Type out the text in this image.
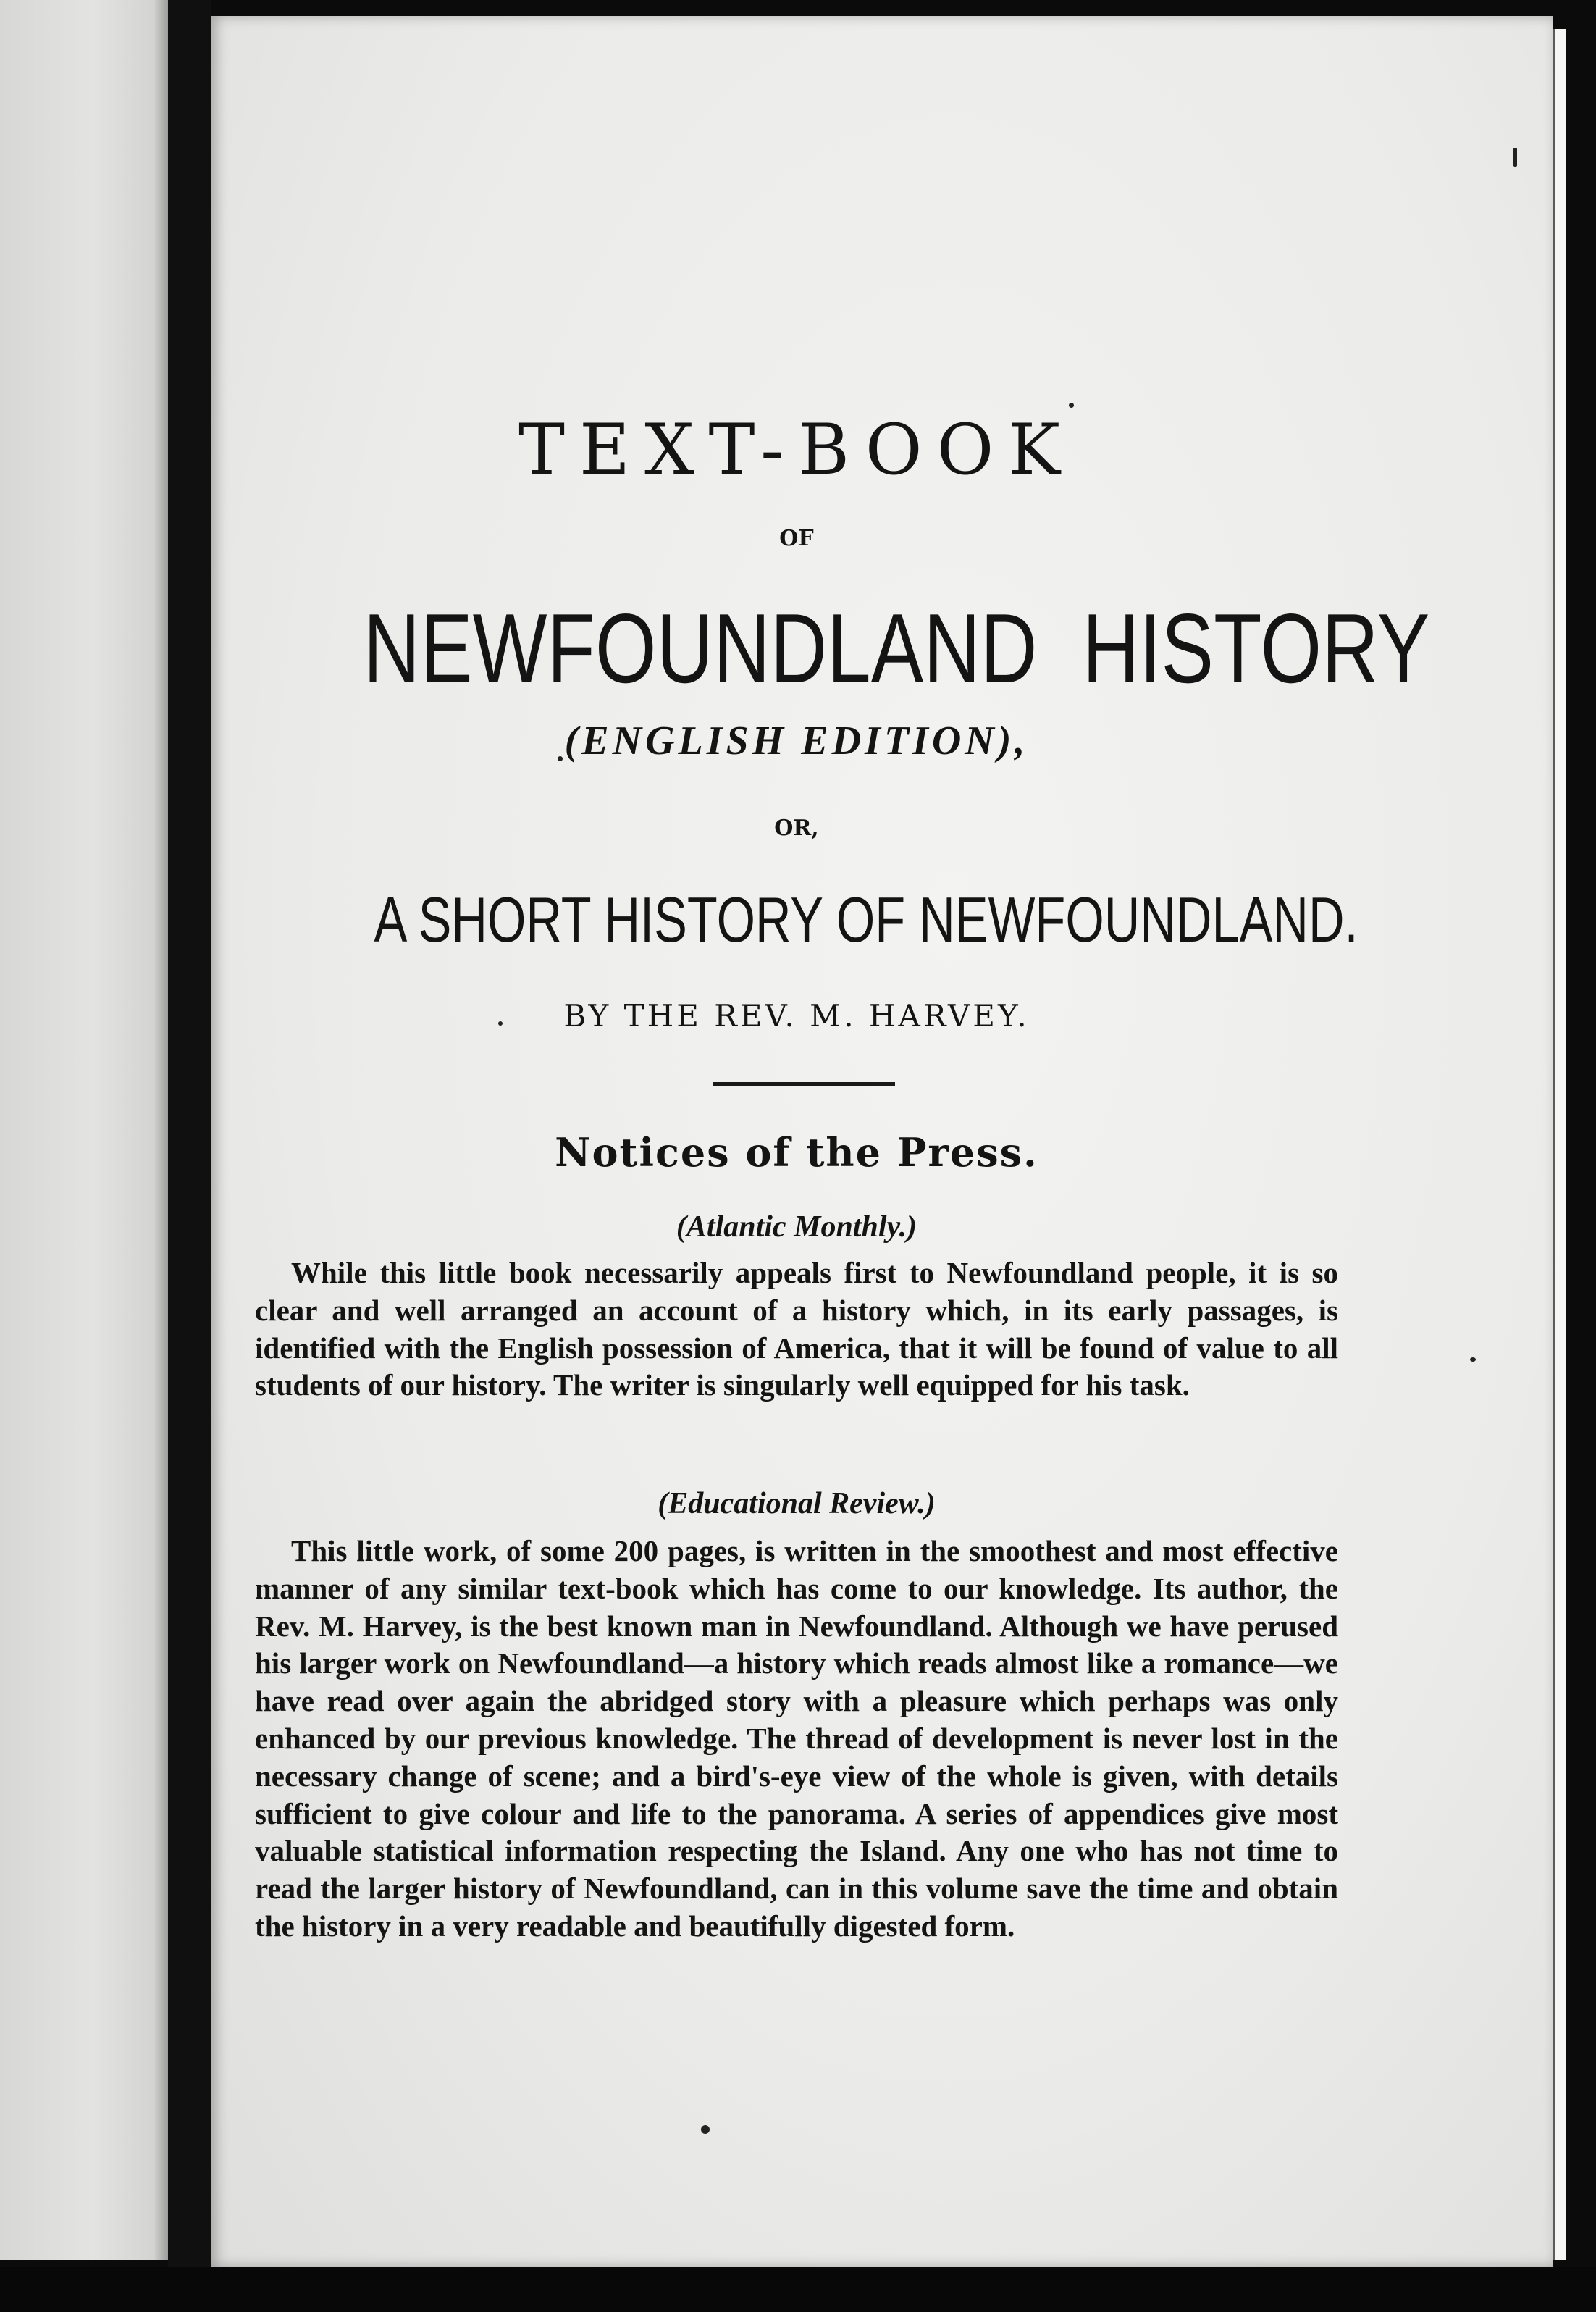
TEXT-BOOK
OF
NEWFOUNDLAND HISTORY
(ENGLISH EDITION),
OR,
A SHORT HISTORY OF NEWFOUNDLAND.
BY THE REV. M. HARVEY.
Notices of the Press.
(Atlantic Monthly.)

While this little book necessarily appeals first to Newfoundland people, it is so clear and well arranged an account of a history which, in its early passages, is identified with the English possession of America, that it will be found of value to all students of our history. The writer is singularly well equipped for his task.

(Educational Review.)

This little work, of some 200 pages, is written in the smoothest and most effective manner of any similar text-book which has come to our knowledge. Its author, the Rev. M. Harvey, is the best known man in Newfoundland. Although we have perused his larger work on Newfoundland—a history which reads almost like a romance—we have read over again the abridged story with a pleasure which perhaps was only enhanced by our previous knowledge. The thread of development is never lost in the necessary change of scene; and a bird's-eye view of the whole is given, with details sufficient to give colour and life to the panorama. A series of appendices give most valuable statistical information respecting the Island. Any one who has not time to read the larger history of Newfoundland, can in this volume save the time and obtain the history in a very readable and beautifully digested form.
